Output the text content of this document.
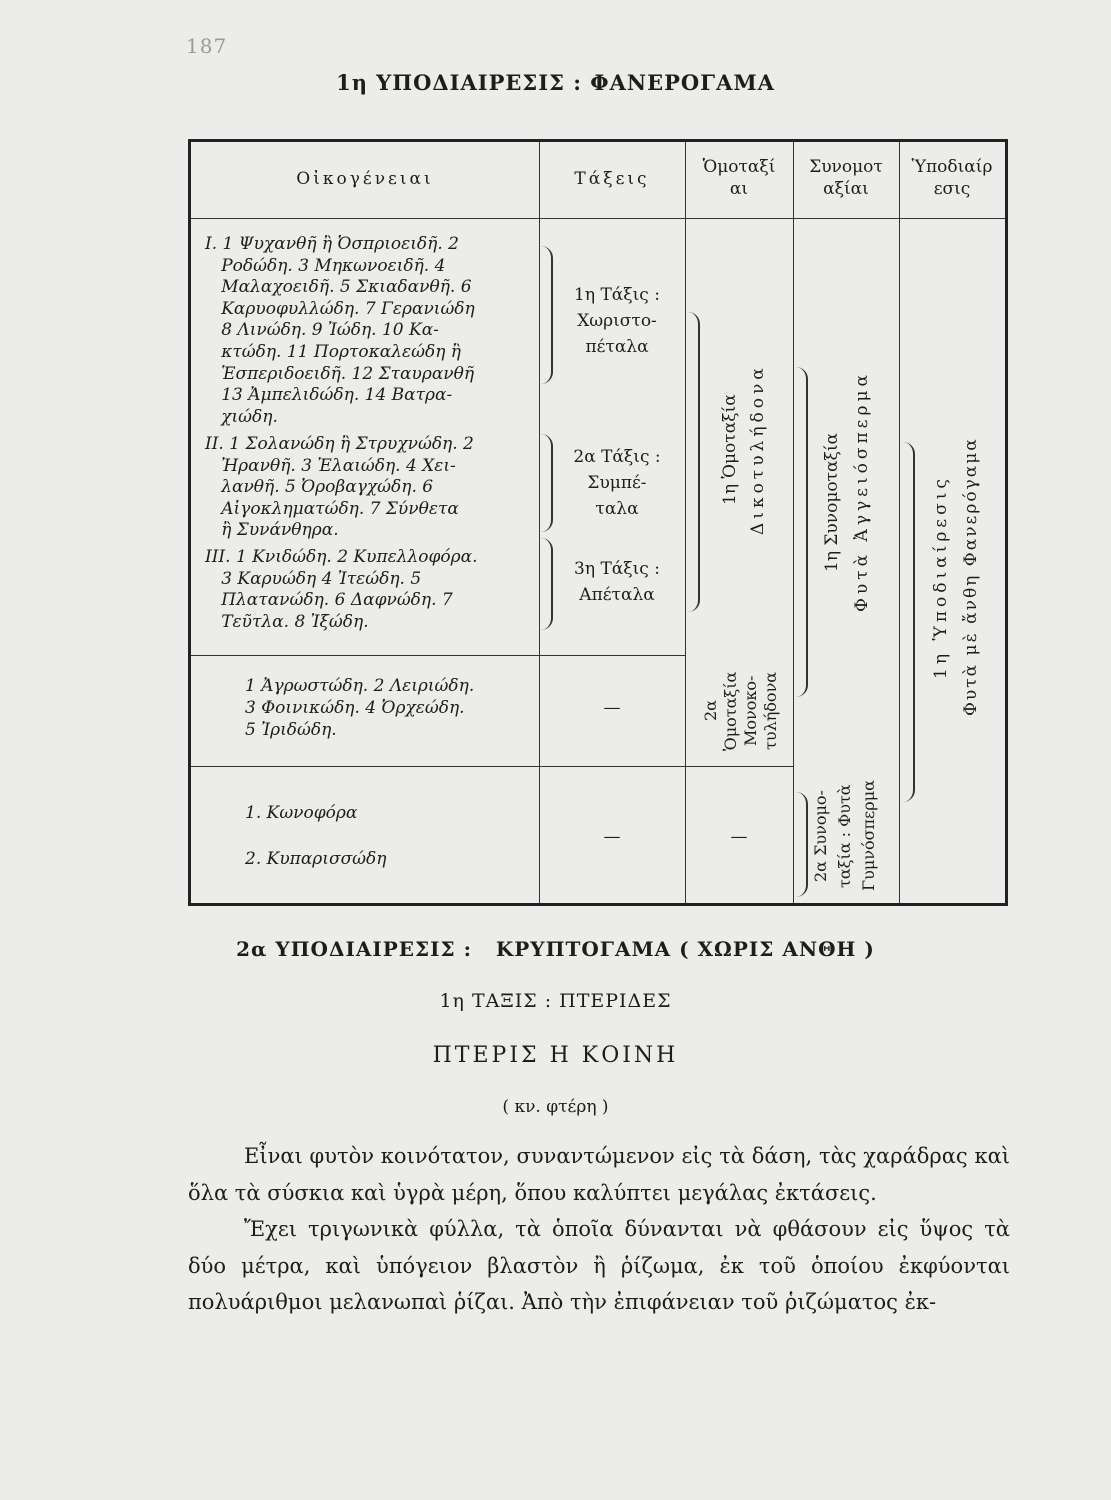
187
1η ΥΠΟΔΙΑΙΡΕΣΙΣ : ΦΑΝΕΡΟΓΑΜΑ
Οἰκογένειαι	Τάξεις
Ὁμοταξίαι
Συνομοταξίαι
Ὑποδιαίρεσις
I. 1 Ψυχανθῆ ἢ Ὀσπριοειδῆ. 2
Ροδώδη. 3 Μηκωνοειδῆ. 4
Μαλαχοειδῆ. 5 Σκιαδανθῆ. 6
Καρυοφυλλώδη. 7 Γερανιώδη
8 Λινώδη. 9 Ἰώδη. 10 Κα-
κτώδη. 11 Πορτοκαλεώδη ἢ
Ἑσπεριδοειδῆ. 12 Σταυρανθῆ
13 Ἀμπελιδώδη. 14 Βατρα-
χιώδη.
II. 1 Σολανώδη ἢ Στρυχνώδη. 2
Ἠρανθῆ. 3 Ἐλαιώδη. 4 Χει-
λανθῆ. 5 Ὀροβαγχώδη. 6
Αἰγοκληματώδη. 7 Σύνθετα
ἢ Συνάνθηρα.
III. 1 Κνιδώδη. 2 Κυπελλοφόρα.
3 Καρυώδη 4 Ἰτεώδη. 5
Πλατανώδη. 6 Δαφνώδη. 7
Τεῦτλα. 8 Ἰξώδη.
1 Ἀγρωστώδη. 2 Λειριώδη.
3 Φοινικώδη. 4 Ὀρχεώδη.
5 Ἰριδώδη.
1. Κωνοφόρα
2. Κυπαρισσώδη
1η Τάξις :
Χωριστο-
πέταλα
2α Τάξις :
Συμπέ-
ταλα
3η Τάξις :
Απέταλα
—
—	—
1η Ὁμοταξία Δικοτυλήδονα
2α
Ὁμοταξία
Μονοκο-
τυλήδονα
1η Συνομοταξία Φυτὰ Ἀγγειόσπερμα
2α Συνομο- ταξία : Φυτὰ Γυμνόσπερμα
1η Ὑποδιαίρεσις Φυτὰ μὲ ἄνθη Φανερόγαμα
2α ΥΠΟΔΙΑΙΡΕΣΙΣ :   ΚΡΥΠΤΟΓΑΜΑ ( ΧΩΡΙΣ ΑΝΘΗ )
1η ΤΑΞΙΣ : ΠΤΕΡΙΔΕΣ
ΠΤΕΡΙΣ Η ΚΟΙΝΗ
( κν. φτέρη )

Εἶναι φυτὸν κοινότατον, συναντώμενον εἰς τὰ δάση, τὰς χαράδρας καὶ ὅλα τὰ σύσκια καὶ ὑγρὰ μέρη, ὅπου καλύπτει μεγάλας ἐκτάσεις.

Ἔχει τριγωνικὰ φύλλα, τὰ ὁποῖα δύνανται νὰ φθάσουν εἰς ὕψος τὰ δύο μέτρα, καὶ ὑπόγειον βλαστὸν ἢ ῥίζωμα, ἐκ τοῦ ὁποίου ἐκφύονται πολυάριθμοι μελανωπαὶ ῥίζαι. Ἀπὸ τὴν ἐπιφάνειαν τοῦ ῥιζώματος ἐκ-
